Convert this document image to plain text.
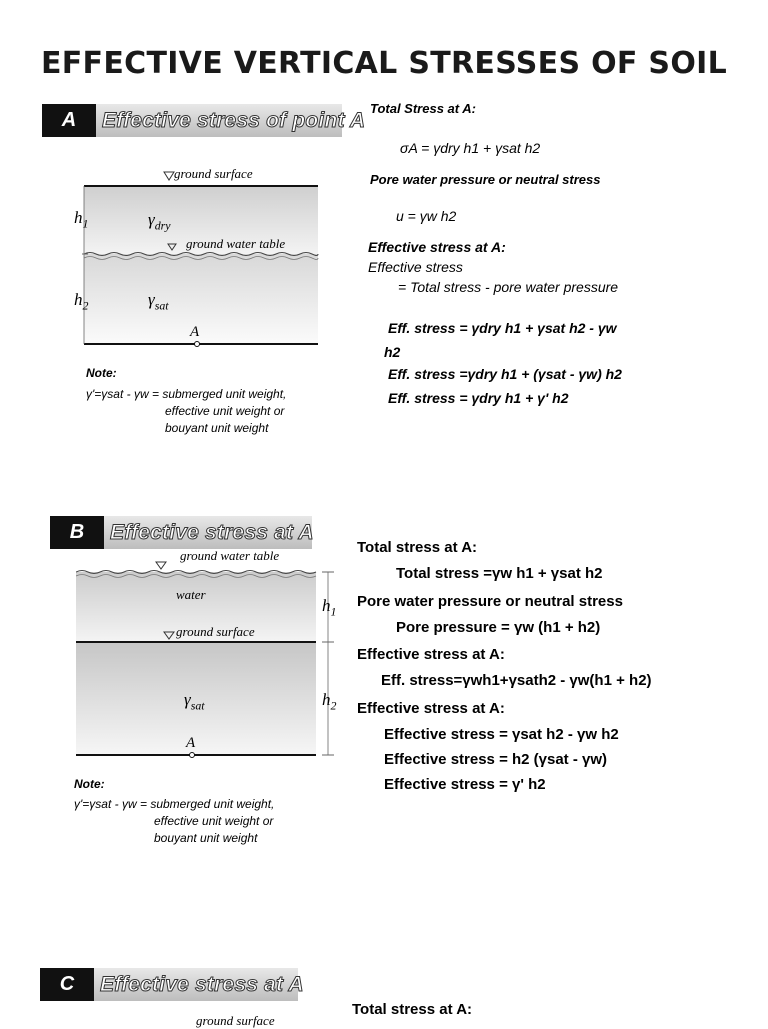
EFFECTIVE VERTICAL STRESSES OF SOIL
A	Effective stress of point A
ground surface
ground water table
$h_1$
$h_2$
$\gamma_{dry}$
$\gamma_{sat}$
A
Note:
γ'=γsat - γw = submerged unit weight,
effective unit weight or
bouyant unit weight
Total Stress at A:
σA = γdry h1 + γsat h2
Pore water pressure or neutral stress
u = γw h2
Effective stress at A:
Effective stress
= Total stress - pore water pressure
Eff. stress = γdry h1 + γsat h2 - γw
h2
Eff. stress =γdry h1 + (γsat - γw) h2
Eff. stress = γdry h1 + γ' h2
B	Effective stress at A
ground water table
water
ground surface
$h_1$
$h_2$
$\gamma_{sat}$
A
Note:
γ'=γsat - γw = submerged unit weight,
effective unit weight or
bouyant unit weight
Total stress at A:
Total stress =γw h1 + γsat h2
Pore water pressure or neutral stress
Pore pressure = γw (h1 + h2)
Effective stress at A:
Eff. stress=γwh1+γsath2 - γw(h1 + h2)
Effective stress at A:
Effective stress = γsat h2 - γw h2
Effective stress = h2 (γsat - γw)
Effective stress = γ' h2
C	Effective stress at A
ground surface
Total stress at A:
